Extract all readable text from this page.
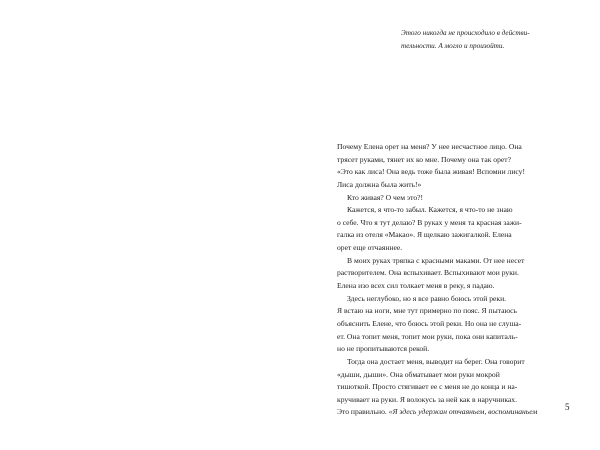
Этого никогда не происходило в действи-
тельности. А могло и произойти.
Почему Елена орет на меня? У нее несчастное лицо. Она
трясет руками, тянет их ко мне. Почему она так орет?
«Это как лиса! Она ведь тоже была живая! Вспомни лису!
Лиса должна была жить!»
Кто живая? О чем это?!
Кажется, я что-то забыл. Кажется, я что-то не знаю
о себе. Что я тут делаю? В руках у меня та красная зажи-
галка из отеля «Макао». Я щелкаю зажигалкой. Елена
орет еще отчаяннее.
В моих руках тряпка с красными маками. От нее несет
растворителем. Она вспыхивает. Вспыхивают мои руки.
Елена изо всех сил толкает меня в реку, я падаю.
Здесь неглубоко, но я все равно боюсь этой реки.
Я встаю на ноги, мне тут примерно по пояс. Я пытаюсь
объяснить Елене, что боюсь этой реки. Но она не слуша-
ет. Она топит меня, топит мои руки, пока они капиталь-
но не пропитываются рекой.
Тогда она достает меня, выводит на берег. Она говорит
«дыши, дыши». Она обматывает мои руки мокрой
тишоткой. Просто стягивает ее с меня не до конца и на-
кручивает на руки. Я волокусь за ней как в наручниках.
Это правильно. «Я здесь удержан отчаяньем, воспоминаньем	5
